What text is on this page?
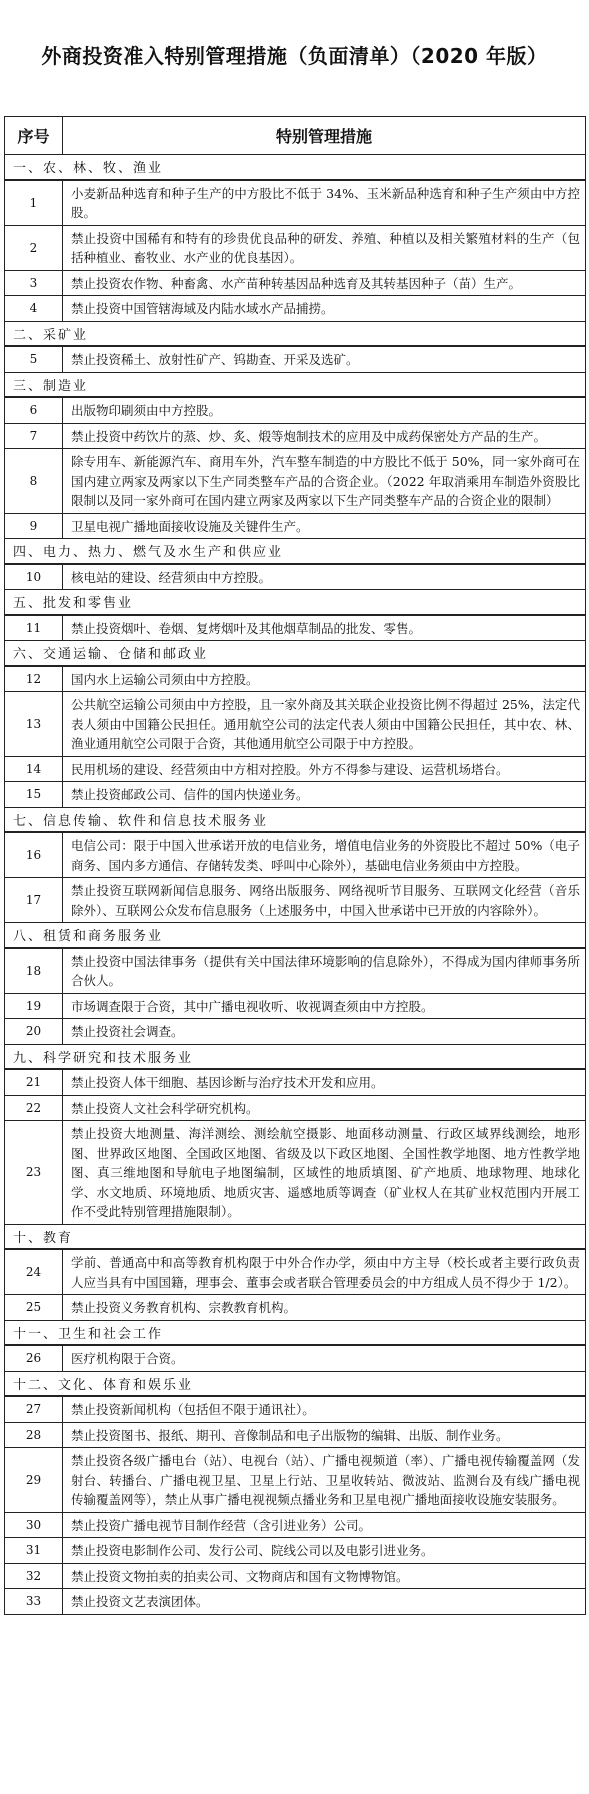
外商投资准入特别管理措施（负面清单）（2020 年版）
序号	特别管理措施
一、农、林、牧、渔业	
1	小麦新品种选育和种子生产的中方股比不低于 34%、玉米新品种选育和种子生产须由中方控股。
2	禁止投资中国稀有和特有的珍贵优良品种的研发、养殖、种植以及相关繁殖材料的生产（包括种植业、畜牧业、水产业的优良基因）。
3	禁止投资农作物、种畜禽、水产苗种转基因品种选育及其转基因种子（苗）生产。
4	禁止投资中国管辖海域及内陆水域水产品捕捞。
二、采矿业	
5	禁止投资稀土、放射性矿产、钨勘查、开采及选矿。
三、制造业	
6	出版物印刷须由中方控股。
7	禁止投资中药饮片的蒸、炒、炙、煅等炮制技术的应用及中成药保密处方产品的生产。
8	除专用车、新能源汽车、商用车外，汽车整车制造的中方股比不低于 50%，同一家外商可在国内建立两家及两家以下生产同类整车产品的合资企业。（2022 年取消乘用车制造外资股比限制以及同一家外商可在国内建立两家及两家以下生产同类整车产品的合资企业的限制）
9	卫星电视广播地面接收设施及关键件生产。
四、电力、热力、燃气及水生产和供应业	
10	核电站的建设、经营须由中方控股。
五、批发和零售业	
11	禁止投资烟叶、卷烟、复烤烟叶及其他烟草制品的批发、零售。
六、交通运输、仓储和邮政业	
12	国内水上运输公司须由中方控股。
13	公共航空运输公司须由中方控股，且一家外商及其关联企业投资比例不得超过 25%，法定代表人须由中国籍公民担任。通用航空公司的法定代表人须由中国籍公民担任，其中农、林、渔业通用航空公司限于合资，其他通用航空公司限于中方控股。
14	民用机场的建设、经营须由中方相对控股。外方不得参与建设、运营机场塔台。
15	禁止投资邮政公司、信件的国内快递业务。
七、信息传输、软件和信息技术服务业	
16	电信公司：限于中国入世承诺开放的电信业务，增值电信业务的外资股比不超过 50%（电子商务、国内多方通信、存储转发类、呼叫中心除外），基础电信业务须由中方控股。
17	禁止投资互联网新闻信息服务、网络出版服务、网络视听节目服务、互联网文化经营（音乐除外）、互联网公众发布信息服务（上述服务中，中国入世承诺中已开放的内容除外）。
八、租赁和商务服务业	
18	禁止投资中国法律事务（提供有关中国法律环境影响的信息除外），不得成为国内律师事务所合伙人。
19	市场调查限于合资，其中广播电视收听、收视调查须由中方控股。
20	禁止投资社会调查。
九、科学研究和技术服务业	
21	禁止投资人体干细胞、基因诊断与治疗技术开发和应用。
22	禁止投资人文社会科学研究机构。
23	禁止投资大地测量、海洋测绘、测绘航空摄影、地面移动测量、行政区域界线测绘，地形图、世界政区地图、全国政区地图、省级及以下政区地图、全国性教学地图、地方性教学地图、真三维地图和导航电子地图编制，区域性的地质填图、矿产地质、地球物理、地球化学、水文地质、环境地质、地质灾害、遥感地质等调查（矿业权人在其矿业权范围内开展工作不受此特别管理措施限制）。
十、教育	
24	学前、普通高中和高等教育机构限于中外合作办学，须由中方主导（校长或者主要行政负责人应当具有中国国籍，理事会、董事会或者联合管理委员会的中方组成人员不得少于 1/2）。
25	禁止投资义务教育机构、宗教教育机构。
十一、卫生和社会工作	
26	医疗机构限于合资。
十二、文化、体育和娱乐业	
27	禁止投资新闻机构（包括但不限于通讯社）。
28	禁止投资图书、报纸、期刊、音像制品和电子出版物的编辑、出版、制作业务。
29	禁止投资各级广播电台（站）、电视台（站）、广播电视频道（率）、广播电视传输覆盖网（发射台、转播台、广播电视卫星、卫星上行站、卫星收转站、微波站、监测台及有线广播电视传输覆盖网等），禁止从事广播电视视频点播业务和卫星电视广播地面接收设施安装服务。
30	禁止投资广播电视节目制作经营（含引进业务）公司。
31	禁止投资电影制作公司、发行公司、院线公司以及电影引进业务。
32	禁止投资文物拍卖的拍卖公司、文物商店和国有文物博物馆。
33	禁止投资文艺表演团体。
